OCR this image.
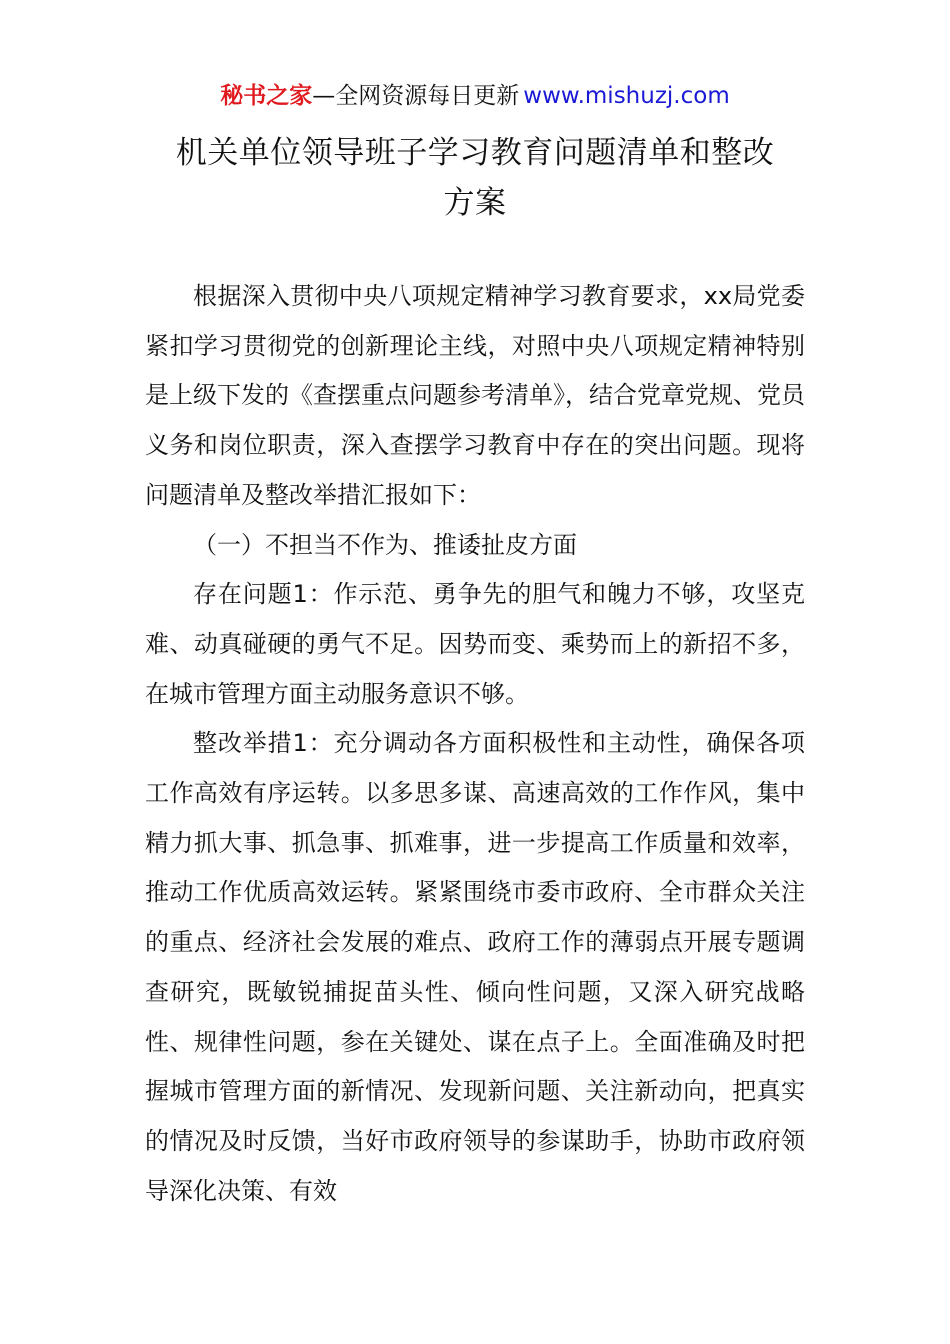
秘书之家—全网资源每日更新 www.mishuzj.com
机关单位领导班子学习教育问题清单和整改
方案

根据深入贯彻中央八项规定精神学习教育要求，xx局党委紧扣学习贯彻党的创新理论主线，对照中央八项规定精神特别是上级下发的《查摆重点问题参考清单》，结合党章党规、党员义务和岗位职责，深入查摆学习教育中存在的突出问题。现将问题清单及整改举措汇报如下：

（一）不担当不作为、推诿扯皮方面

存在问题1：作示范、勇争先的胆气和魄力不够，攻坚克难、动真碰硬的勇气不足。因势而变、乘势而上的新招不多，在城市管理方面主动服务意识不够。

整改举措1：充分调动各方面积极性和主动性，确保各项工作高效有序运转。以多思多谋、高速高效的工作作风，集中精力抓大事、抓急事、抓难事，进一步提高工作质量和效率，推动工作优质高效运转。紧紧围绕市委市政府、全市群众关注的重点、经济社会发展的难点、政府工作的薄弱点开展专题调查研究，既敏锐捕捉苗头性、倾向性问题，又深入研究战略性、规律性问题，参在关键处、谋在点子上。全面准确及时把握城市管理方面的新情况、发现新问题、关注新动向，把真实的情况及时反馈，当好市政府领导的参谋助手，协助市政府领导深化决策、有效
